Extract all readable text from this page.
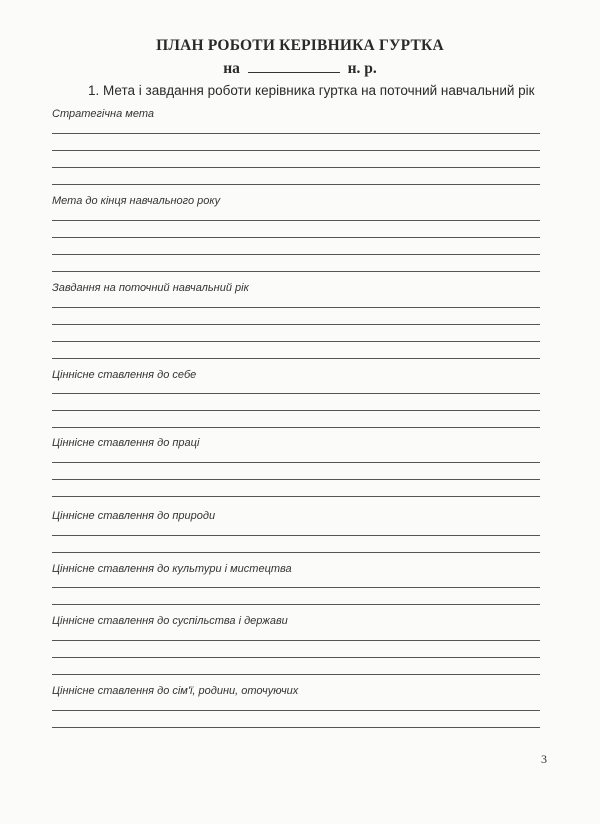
ПЛАН РОБОТИ КЕРІВНИКА ГУРТКА
на	н. р.
1. Мета і завдання роботи керівника гуртка на поточний навчальний рік
Стратегічна мета
Мета до кінця навчального року
Завдання на поточний навчальний рік
Ціннісне ставлення до себе
Ціннісне ставлення до праці
Ціннісне ставлення до природи
Ціннісне ставлення до культури і мистецтва
Ціннісне ставлення до суспільства і держави
Ціннісне ставлення до сім'ї, родини, оточуючих
3
